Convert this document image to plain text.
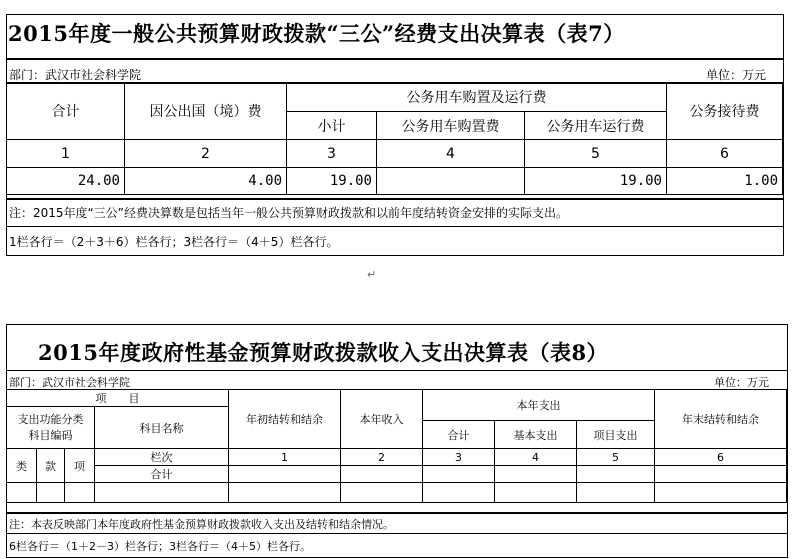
2015年度一般公共预算财政拨款“三公”经费支出决算表（表7）
部门：武汉市社会科学院	单位：万元
合计	因公出国（境）费	公务用车购置及运行费			公务接待费
		小计	公务用车购置费	公务用车运行费	
1	2	3	4	5	6
24.00	4.00	19.00		19.00	1.00
注：2015年度“三公”经费决算数是包括当年一般公共预算财政拨款和以前年度结转资金安排的实际支出。
1栏各行＝（2＋3＋6）栏各行；3栏各行＝（4＋5）栏各行。
↵
2015年度政府性基金预算财政拨款收入支出决算表（表8）
部门：武汉市社会科学院	单位：万元
项　　目				年初结转和结余	本年收入	本年支出			年末结转和结余

支出功能分类
科目编码			科目名称						
						合计	基本支出	项目支出	
类	款	项	栏次	1	2	3	4	5	6
			合计						

注：本表反映部门本年度政府性基金预算财政拨款收入支出及结转和结余情况。
6栏各行＝（1＋2－3）栏各行；3栏各行＝（4＋5）栏各行。
